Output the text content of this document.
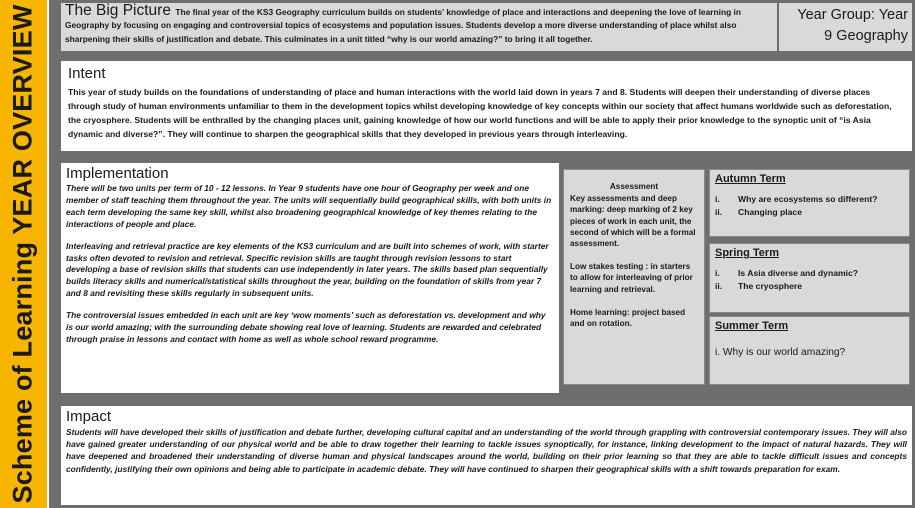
Scheme of Learning YEAR OVERVIEW The Big Picture The final year of the KS3 Geography curriculum builds on students' knowledge of place and interactions and deepening the love of learning in Geography by focusing on engaging and controversial topics of ecosystems and population issues. Students develop a more diverse understanding of place whilst also sharpening their skills of justification and debate. This culminates in a unit titled “why is our world amazing?” to bring it all together.
Year Group: Year
9 Geography
Intent

This year of study builds on the foundations of understanding of place and human interactions with the world laid down in years 7 and 8. Students will deepen their understanding of diverse places through study of human environments unfamiliar to them in the development topics whilst developing knowledge of key concepts within our society that affect humans worldwide such as deforestation, the cryosphere. Students will be enthralled by the changing places unit, gaining knowledge of how our world functions and will be able to apply their prior knowledge to the synoptic unit of “is Asia dynamic and diverse?”. They will continue to sharpen the geographical skills that they developed in previous years through interleaving.

Implementation

There will be two units per term of 10 - 12 lessons. In Year 9 students have one hour of Geography per week and one member of staff teaching them throughout the year. The units will sequentially build geographical skills, with both units in each term developing the same key skill, whilst also broadening geographical knowledge of key themes relating to the interactions of people and place.

Interleaving and retrieval practice are key elements of the KS3 curriculum and are built into schemes of work, with starter tasks often devoted to revision and retrieval. Specific revision skills are taught through revision lessons to start developing a base of revision skills that students can use independently in later years. The skills based plan sequentially builds literacy skills and numerical/statistical skills throughout the year, building on the foundation of skills from year 7 and 8 and revisiting these skills regularly in subsequent units.

The controversial issues embedded in each unit are key ‘wow moments’ such as deforestation vs. development and why is our world amazing; with the surrounding debate showing real love of learning. Students are rewarded and celebrated through praise in lessons and contact with home as well as whole school reward programme.

Assessment

Key assessments and deep marking: deep marking of 2 key pieces of work in each unit, the second of which will be a formal assessment.

Low stakes testing : in starters to allow for interleaving of prior learning and retrieval.

Home learning: project based and on rotation.

Autumn Term
i.	Why are ecosystems so different?
ii.	Changing place
Spring Term
i.	Is Asia diverse and dynamic?
ii.	The cryosphere
Summer Term
i. Why is our world amazing?
Impact
Students will have developed their skills of justification and debate further, developing cultural capital and an understanding of the world through grappling with controversial contemporary issues. They will also have gained greater understanding of our physical world and be able to draw together their learning to tackle issues synoptically, for instance, linking development to the impact of natural hazards. They will have deepened and broadened their understanding of diverse human and physical landscapes around the world, building on their prior learning so that they are able to tackle difficult issues and concepts confidently, justifying their own opinions and being able to participate in academic debate. They will have continued to sharpen their geographical skills with a shift towards preparation for exam.
